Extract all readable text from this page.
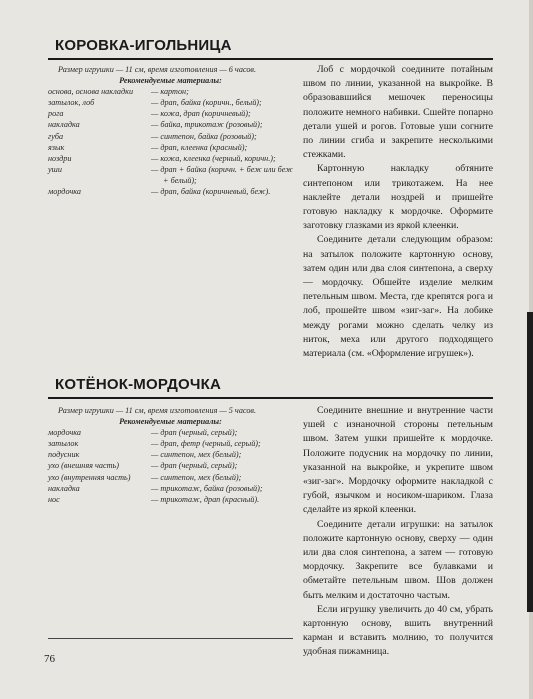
КОРОВКА-ИГОЛЬНИЦА
Размер игрушки — 11 см, время изготовления — 6 часов.
Рекомендуемые материалы:
основа, основа накладки	— картон;
затылок, лоб	— драп, байка (коричн., белый);
рога	— кожа, драп (коричневый);
накладка	— байка, трикотаж (розовый);
губа	— синтепон, байка (розовый);
язык	— драп, клеенка (красный);
ноздри	— кожа, клеенка (черный, коричн.);
уши	— драп + байка (коричн. + беж или беж + белый);
мордочка	— драп, байка (коричневый, беж).

Лоб с мордочкой соедините потайным швом по линии, указанной на выкройке. В образовавшийся мешочек переносицы положите немного набивки. Сшейте попарно детали ушей и рогов. Готовые уши согните по линии сгиба и закрепите несколькими стежками.

Картонную накладку обтяните синтепоном или трикотажем. На нее наклейте детали ноздрей и пришейте готовую накладку к мордочке. Оформите заготовку глазками из яркой клеенки.

Соедините детали следующим образом: на затылок положите картонную основу, затем один или два слоя синтепона, а сверху — мордочку. Обшейте изделие мелким петельным швом. Места, где крепятся рога и лоб, прошейте швом «зиг-заг». На лобике между рогами можно сделать челку из ниток, меха или другого подходящего материала (см. «Оформление игрушек»).

КОТЁНОК-МОРДОЧКА
Размер игрушки — 11 см, время изготовления — 5 часов.
Рекомендуемые материалы:
мордочка	— драп (черный, серый);
затылок	— драп, фетр (черный, серый);
подусник	— синтепон, мех (белый);
ухо (внешняя часть)	— драп (черный, серый);
ухо (внутренняя часть)	— синтепон, мех (белый);
накладка	— трикотаж, байка (розовый);
нос	— трикотаж, драп (красный).

Соедините внешние и внутренние части ушей с изнаночной стороны петельным швом. Затем ушки пришейте к мордочке. Положите подусник на мордочку по линии, указанной на выкройке, и укрепите швом «зиг-заг». Мордочку оформите накладкой с губой, язычком и носиком-шариком. Глаза сделайте из яркой клеенки.

Соедините детали игрушки: на затылок положите картонную основу, сверху — один или два слоя синтепона, а затем — готовую мордочку. Закрепите все булавками и обметайте петельным швом. Шов должен быть мелким и достаточно частым.

Если игрушку увеличить до 40 см, убрать картонную основу, вшить внутренний карман и вставить молнию, то получится удобная пижамница.

76
